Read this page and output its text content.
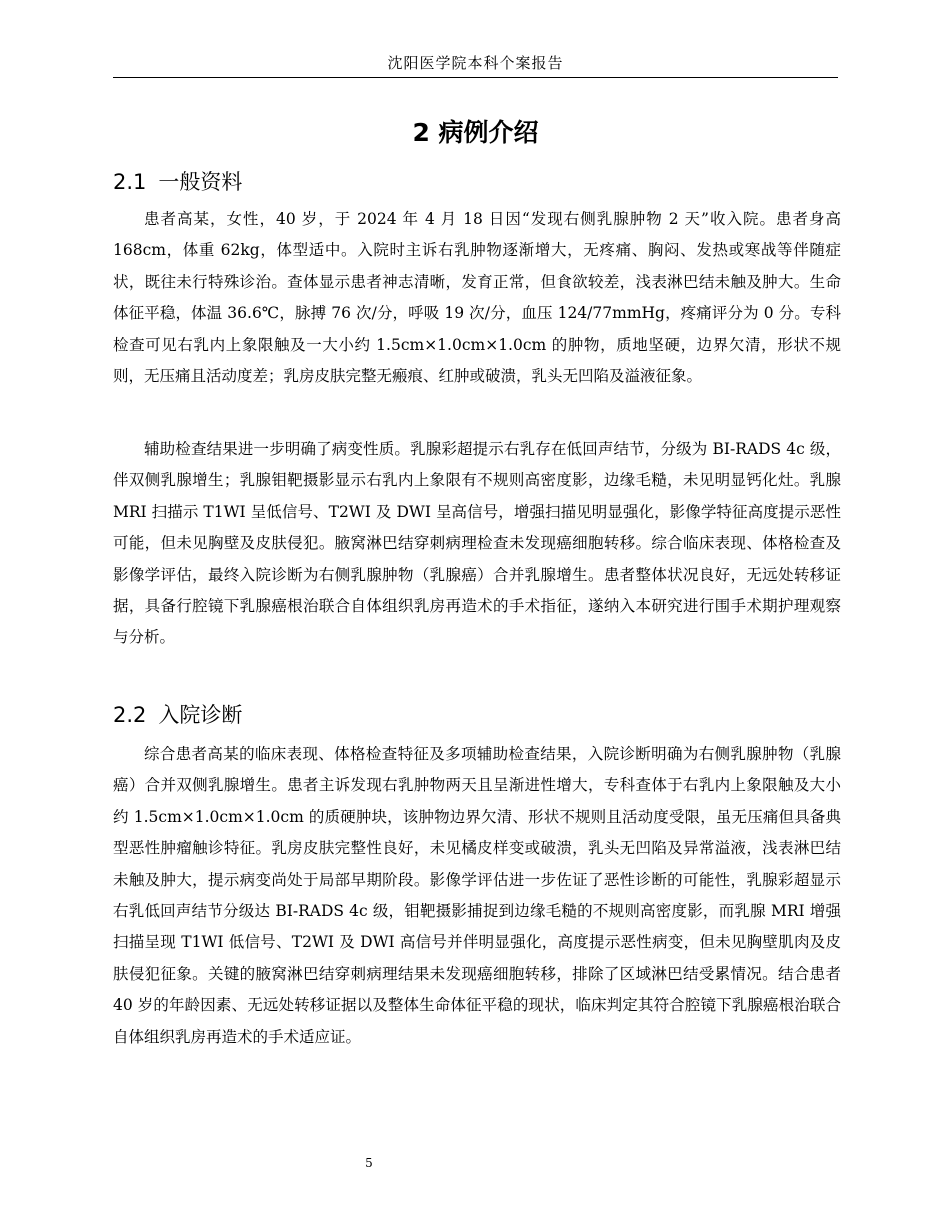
沈阳医学院本科个案报告
2 病例介绍
2.1 一般资料

患者高某，女性，40 岁，于 2024 年 4 月 18 日因“发现右侧乳腺肿物 2 天”收入院。患者身高 168cm，体重 62kg，体型适中。入院时主诉右乳肿物逐渐增大，无疼痛、胸闷、发热或寒战等伴随症状，既往未行特殊诊治。查体显示患者神志清晰，发育正常，但食欲较差，浅表淋巴结未触及肿大。生命体征平稳，体温 36.6℃，脉搏 76 次/分，呼吸 19 次/分，血压 124/77mmHg，疼痛评分为 0 分。专科检查可见右乳内上象限触及一大小约 1.5cm×1.0cm×1.0cm 的肿物，质地坚硬，边界欠清，形状不规则，无压痛且活动度差；乳房皮肤完整无瘢痕、红肿或破溃，乳头无凹陷及溢液征象。

辅助检查结果进一步明确了病变性质。乳腺彩超提示右乳存在低回声结节，分级为 BI-RADS 4c 级，伴双侧乳腺增生；乳腺钼靶摄影显示右乳内上象限有不规则高密度影，边缘毛糙，未见明显钙化灶。乳腺 MRI 扫描示 T1WI 呈低信号、T2WI 及 DWI 呈高信号，增强扫描见明显强化，影像学特征高度提示恶性可能，但未见胸壁及皮肤侵犯。腋窝淋巴结穿刺病理检查未发现癌细胞转移。综合临床表现、体格检查及影像学评估，最终入院诊断为右侧乳腺肿物（乳腺癌）合并乳腺增生。患者整体状况良好，无远处转移证据，具备行腔镜下乳腺癌根治联合自体组织乳房再造术的手术指征，遂纳入本研究进行围手术期护理观察与分析。

2.2 入院诊断

综合患者高某的临床表现、体格检查特征及多项辅助检查结果，入院诊断明确为右侧乳腺肿物（乳腺癌）合并双侧乳腺增生。患者主诉发现右乳肿物两天且呈渐进性增大，专科查体于右乳内上象限触及大小约 1.5cm×1.0cm×1.0cm 的质硬肿块，该肿物边界欠清、形状不规则且活动度受限，虽无压痛但具备典型恶性肿瘤触诊特征。乳房皮肤完整性良好，未见橘皮样变或破溃，乳头无凹陷及异常溢液，浅表淋巴结未触及肿大，提示病变尚处于局部早期阶段。影像学评估进一步佐证了恶性诊断的可能性，乳腺彩超显示右乳低回声结节分级达 BI-RADS 4c 级，钼靶摄影捕捉到边缘毛糙的不规则高密度影，而乳腺 MRI 增强扫描呈现 T1WI 低信号、T2WI 及 DWI 高信号并伴明显强化，高度提示恶性病变，但未见胸壁肌肉及皮肤侵犯征象。关键的腋窝淋巴结穿刺病理结果未发现癌细胞转移，排除了区域淋巴结受累情况。结合患者 40 岁的年龄因素、无远处转移证据以及整体生命体征平稳的现状，临床判定其符合腔镜下乳腺癌根治联合自体组织乳房再造术的手术适应证。

5
